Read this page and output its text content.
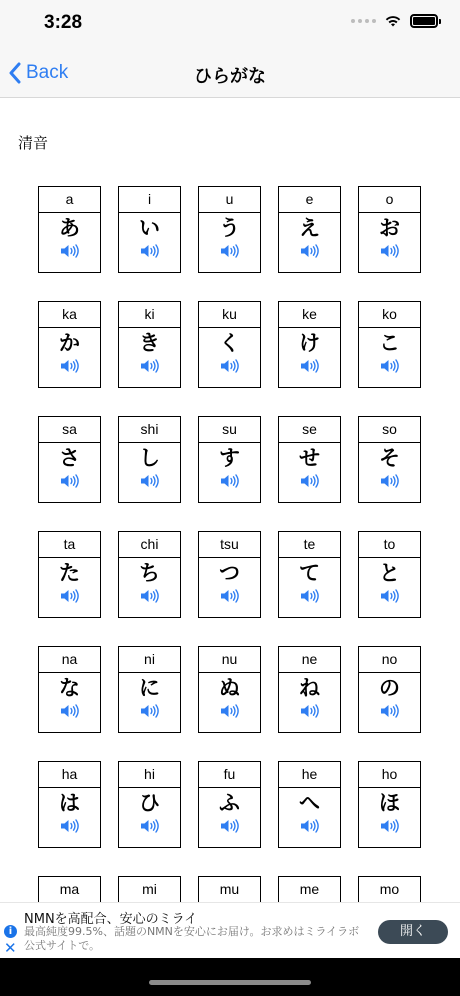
3:28
Back	ひらがな
清音
a
あ
i
い
u
う
e
え
o
お
ka
か
ki
き
ku
く
ke
け
ko
こ
sa
さ
shi
し
su
す
se
せ
so
そ
ta
た
chi
ち
tsu
つ
te
て
to
と
na
な
ni
に
nu
ぬ
ne
ね
no
の
ha
は
hi
ひ
fu
ふ
he
へ
ho
ほ
ma	mi	mu	me	mo
i
✕
NMNを高配合、安心のミライ
最高純度99.5%、話題のNMNを安心にお届け。お求めはミライラボ公式サイトで。
開く
